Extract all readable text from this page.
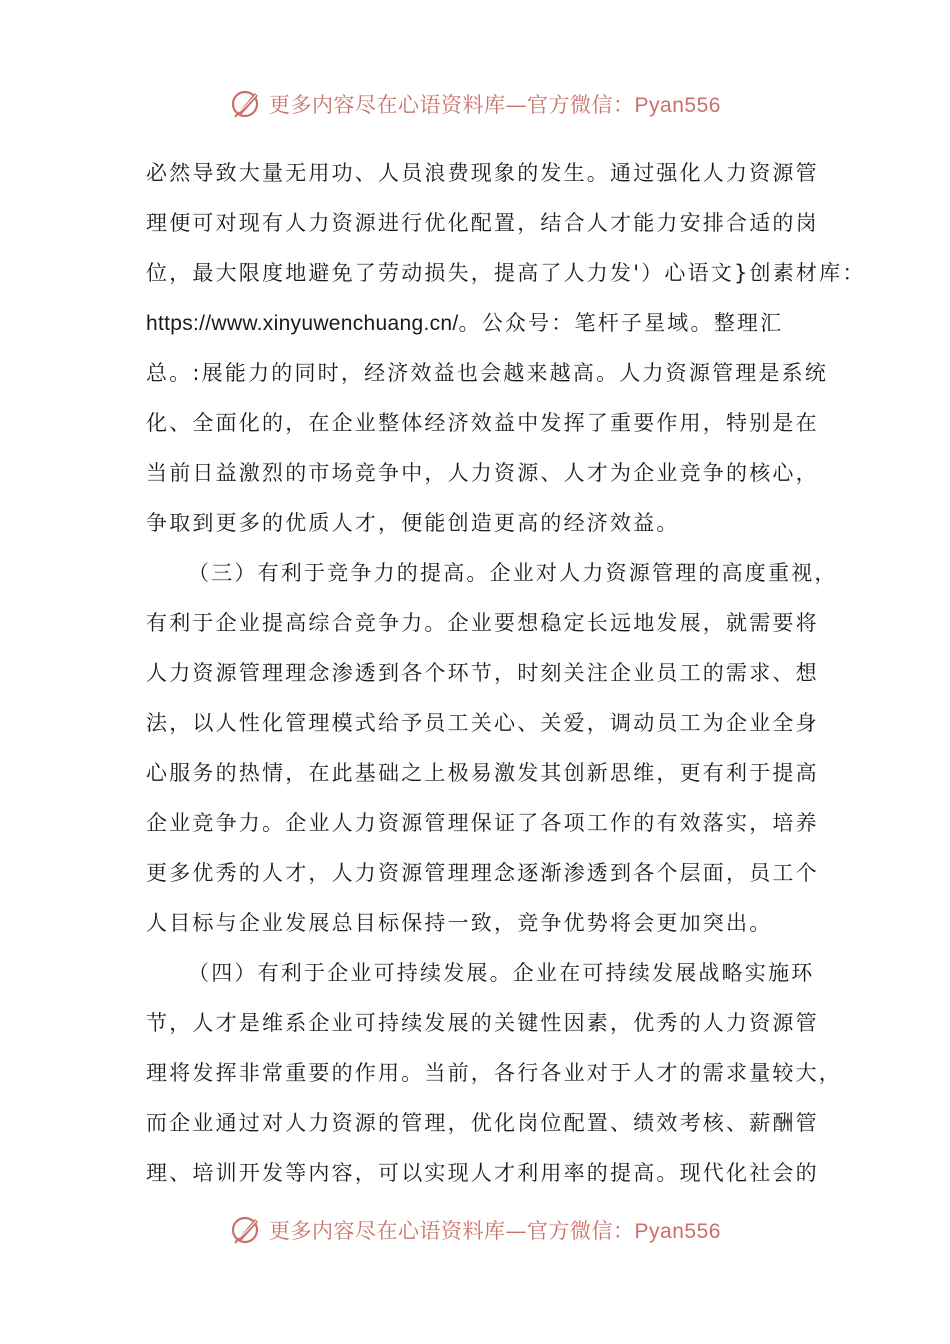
更多内容尽在心语资料库—官方微信：Pyan556
必然导致大量无用功、人员浪费现象的发生。通过强化人力资源管
理便可对现有人力资源进行优化配置，结合人才能力安排合适的岗
位，最大限度地避免了劳动损失，提高了人力发'）心语文}创素材库：
https://www.xinyuwenchuang.cn/。公众号：笔杆子星域。整理汇
总。:展能力的同时，经济效益也会越来越高。人力资源管理是系统
化、全面化的，在企业整体经济效益中发挥了重要作用，特别是在
当前日益激烈的市场竞争中，人力资源、人才为企业竞争的核心，
争取到更多的优质人才，便能创造更高的经济效益。
（三）有利于竞争力的提高。企业对人力资源管理的高度重视，
有利于企业提高综合竞争力。企业要想稳定长远地发展，就需要将
人力资源管理理念渗透到各个环节，时刻关注企业员工的需求、想
法，以人性化管理模式给予员工关心、关爱，调动员工为企业全身
心服务的热情，在此基础之上极易激发其创新思维，更有利于提高
企业竞争力。企业人力资源管理保证了各项工作的有效落实，培养
更多优秀的人才，人力资源管理理念逐渐渗透到各个层面，员工个
人目标与企业发展总目标保持一致，竞争优势将会更加突出。
（四）有利于企业可持续发展。企业在可持续发展战略实施环
节，人才是维系企业可持续发展的关键性因素，优秀的人力资源管
理将发挥非常重要的作用。当前，各行各业对于人才的需求量较大，
而企业通过对人力资源的管理，优化岗位配置、绩效考核、薪酬管
理、培训开发等内容，可以实现人才利用率的提高。现代化社会的
更多内容尽在心语资料库—官方微信：Pyan556
